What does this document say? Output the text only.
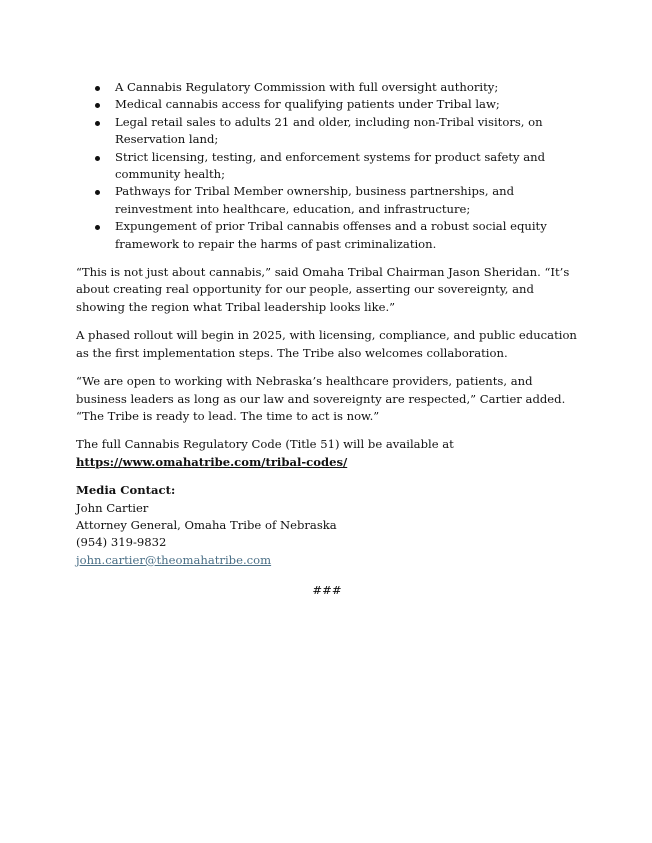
A Cannabis Regulatory Commission with full oversight authority;
Medical cannabis access for qualifying patients under Tribal law;
Legal retail sales to adults 21 and older, including non-Tribal visitors, on Reservation land;
Strict licensing, testing, and enforcement systems for product safety and community health;
Pathways for Tribal Member ownership, business partnerships, and reinvestment into healthcare, education, and infrastructure;
Expungement of prior Tribal cannabis offenses and a robust social equity framework to repair the harms of past criminalization.

“This is not just about cannabis,” said Omaha Tribal Chairman Jason Sheridan. “It’s about creating real opportunity for our people, asserting our sovereignty, and showing the region what Tribal leadership looks like.”

A phased rollout will begin in 2025, with licensing, compliance, and public education as the first implementation steps. The Tribe also welcomes collaboration.

“We are open to working with Nebraska’s healthcare providers, patients, and business leaders as long as our law and sovereignty are respected,” Cartier added. “The Tribe is ready to lead. The time to act is now.”

The full Cannabis Regulatory Code (Title 51) will be available at
https://www.omahatribe.com/tribal-codes/

Media Contact:
John Cartier
Attorney General, Omaha Tribe of Nebraska
(954) 319-9832
john.cartier@theomahatribe.com
###
